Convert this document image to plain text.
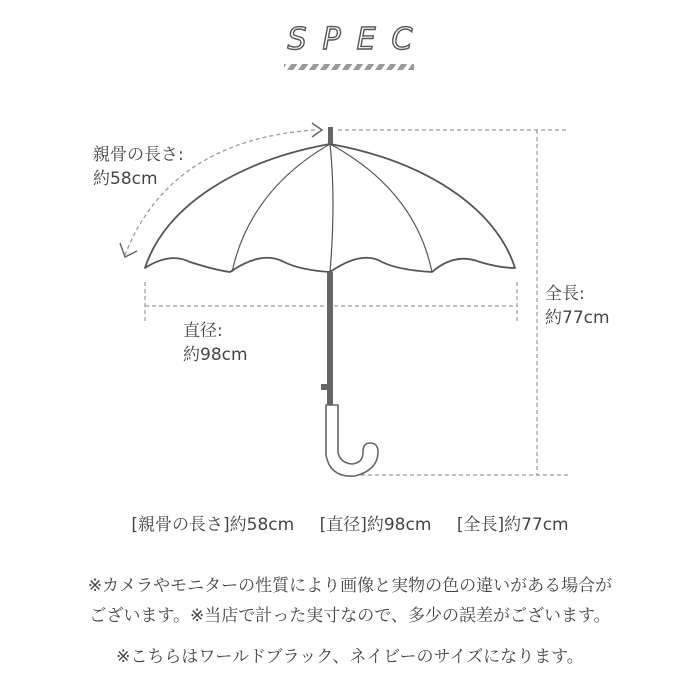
SPEC
親骨の長さ:
約58cm
直径:
約98cm
全長:
約77cm
[親骨の長さ]約58cm [直径]約98cm [全長]約77cm
※カメラやモニターの性質により画像と実物の色の違いがある場合が
ございます。※当店で計った実寸なので、多少の誤差がございます。
※こちらはワールドブラック、ネイビーのサイズになります。
